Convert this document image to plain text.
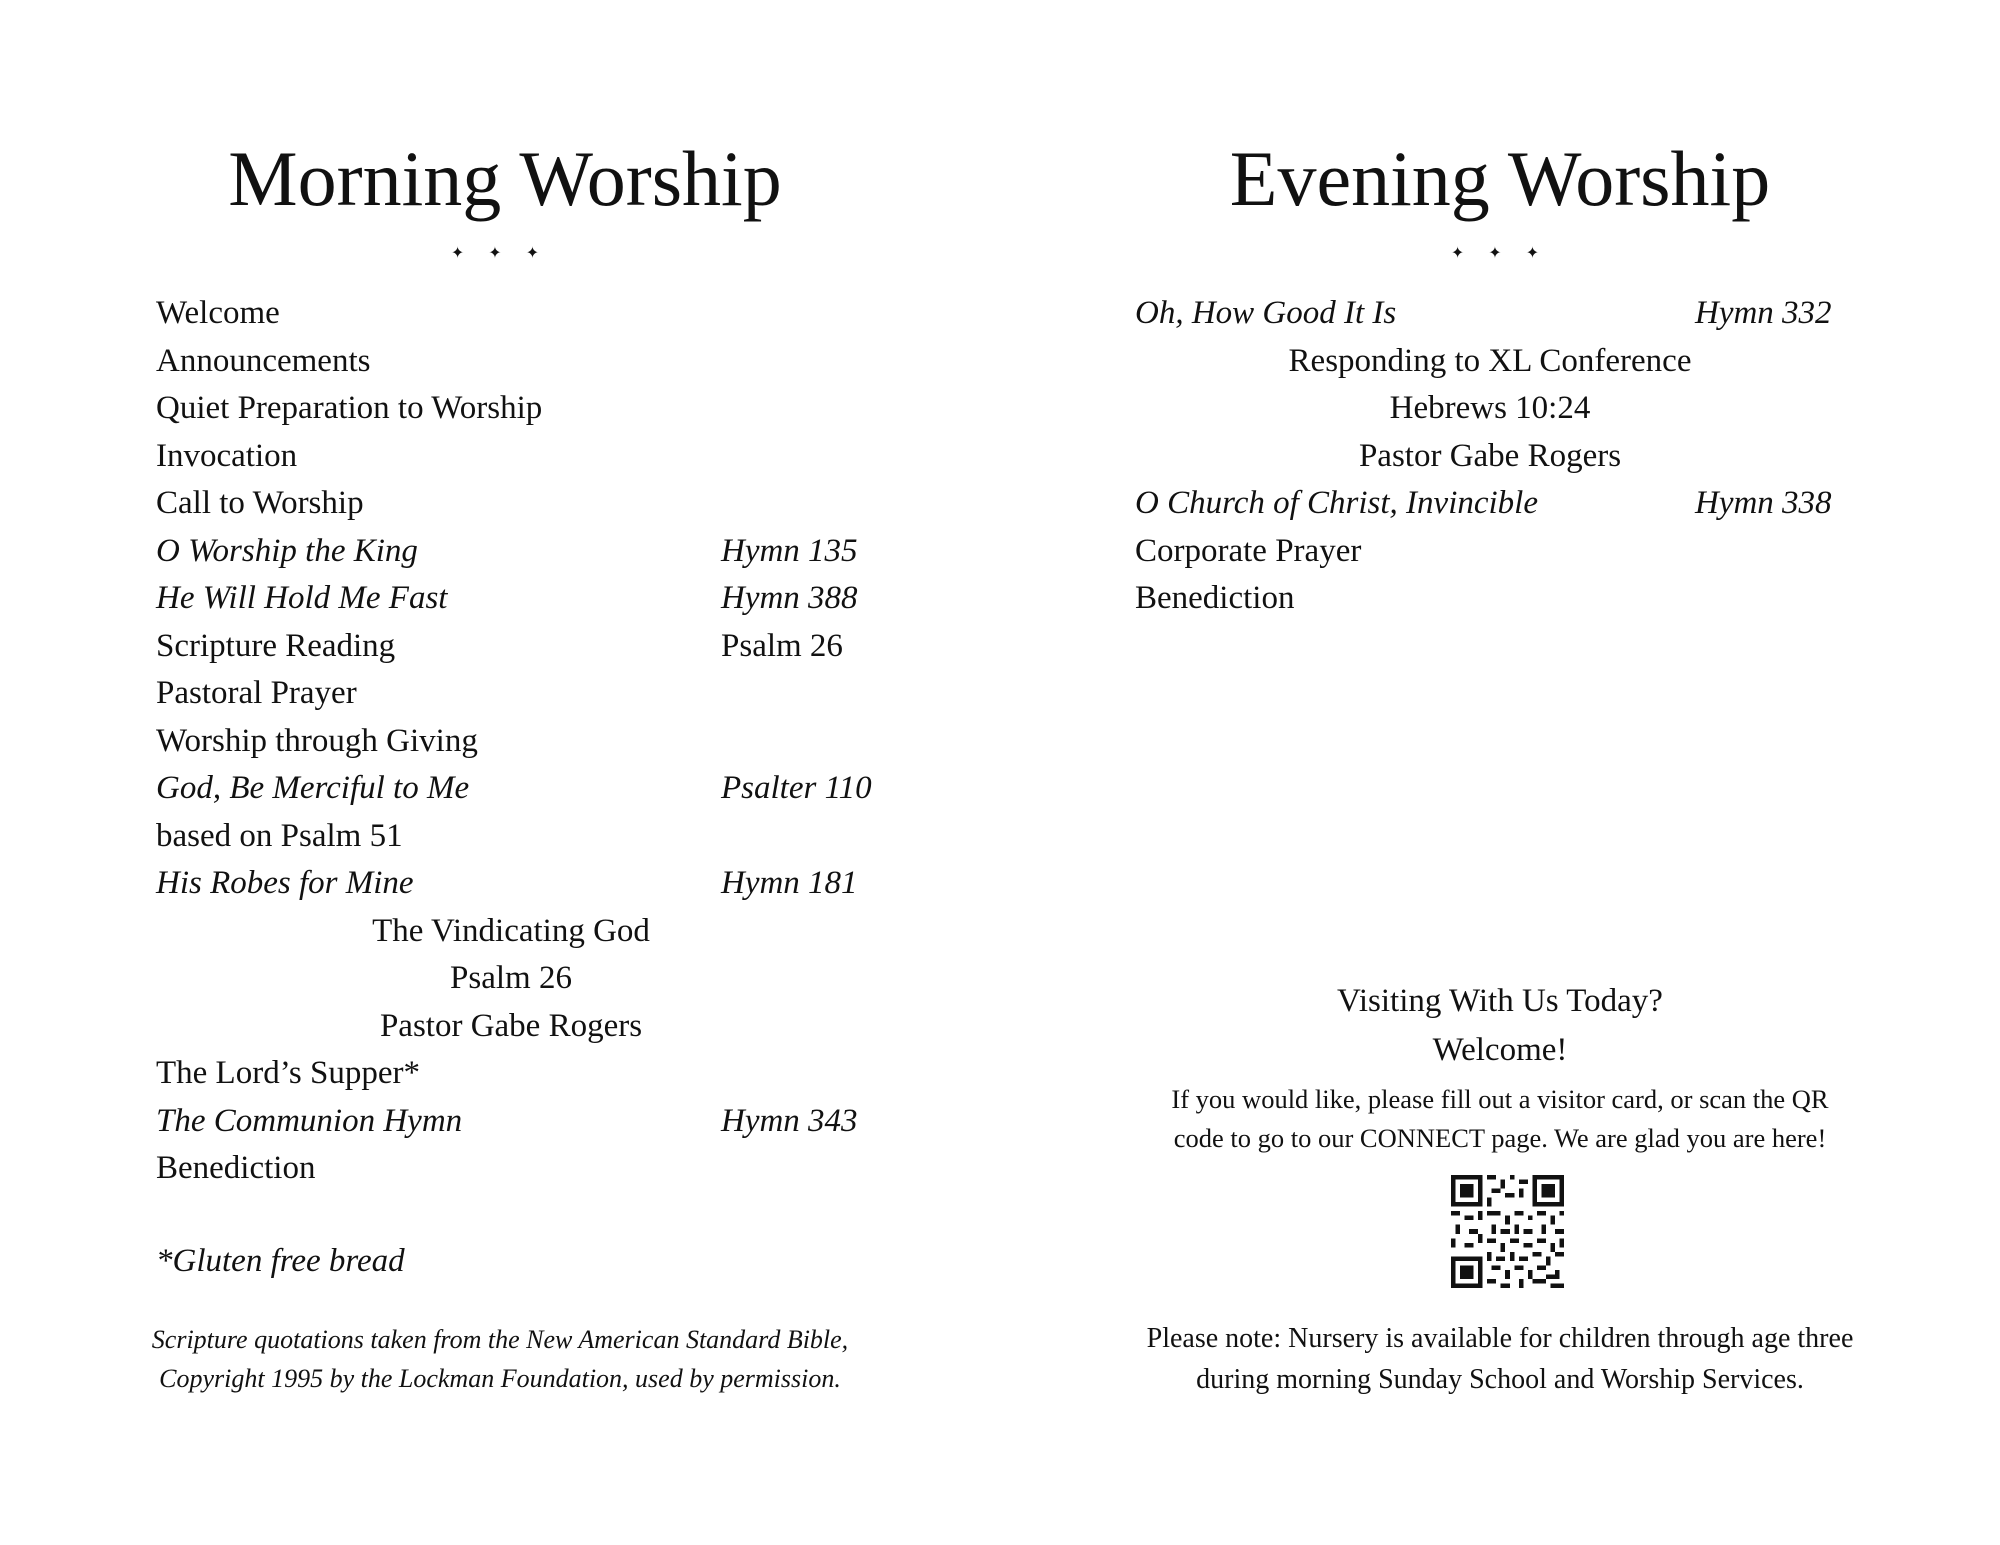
Morning Worship
✦ ✦ ✦
Welcome
Announcements
Quiet Preparation to Worship
Invocation
Call to Worship
O Worship the King	Hymn 135
He Will Hold Me Fast	Hymn 388
Scripture Reading	Psalm 26
Pastoral Prayer
Worship through Giving
God, Be Merciful to Me	Psalter 110
based on Psalm 51
His Robes for Mine	Hymn 181
The Vindicating God
Psalm 26
Pastor Gabe Rogers
The Lord’s Supper*
The Communion Hymn	Hymn 343
Benediction
*Gluten free bread
Scripture quotations taken from the New American Standard Bible,
Copyright 1995 by the Lockman Foundation, used by permission.
Evening Worship
✦ ✦ ✦
Oh, How Good It Is	Hymn 332
Responding to XL Conference
Hebrews 10:24
Pastor Gabe Rogers
O Church of Christ, Invincible	Hymn 338
Corporate Prayer
Benediction
Visiting With Us Today?
Welcome!
If you would like, please fill out a visitor card, or scan the QR
code to go to our CONNECT page. We are glad you are here!
Please note: Nursery is available for children through age three
during morning Sunday School and Worship Services.
